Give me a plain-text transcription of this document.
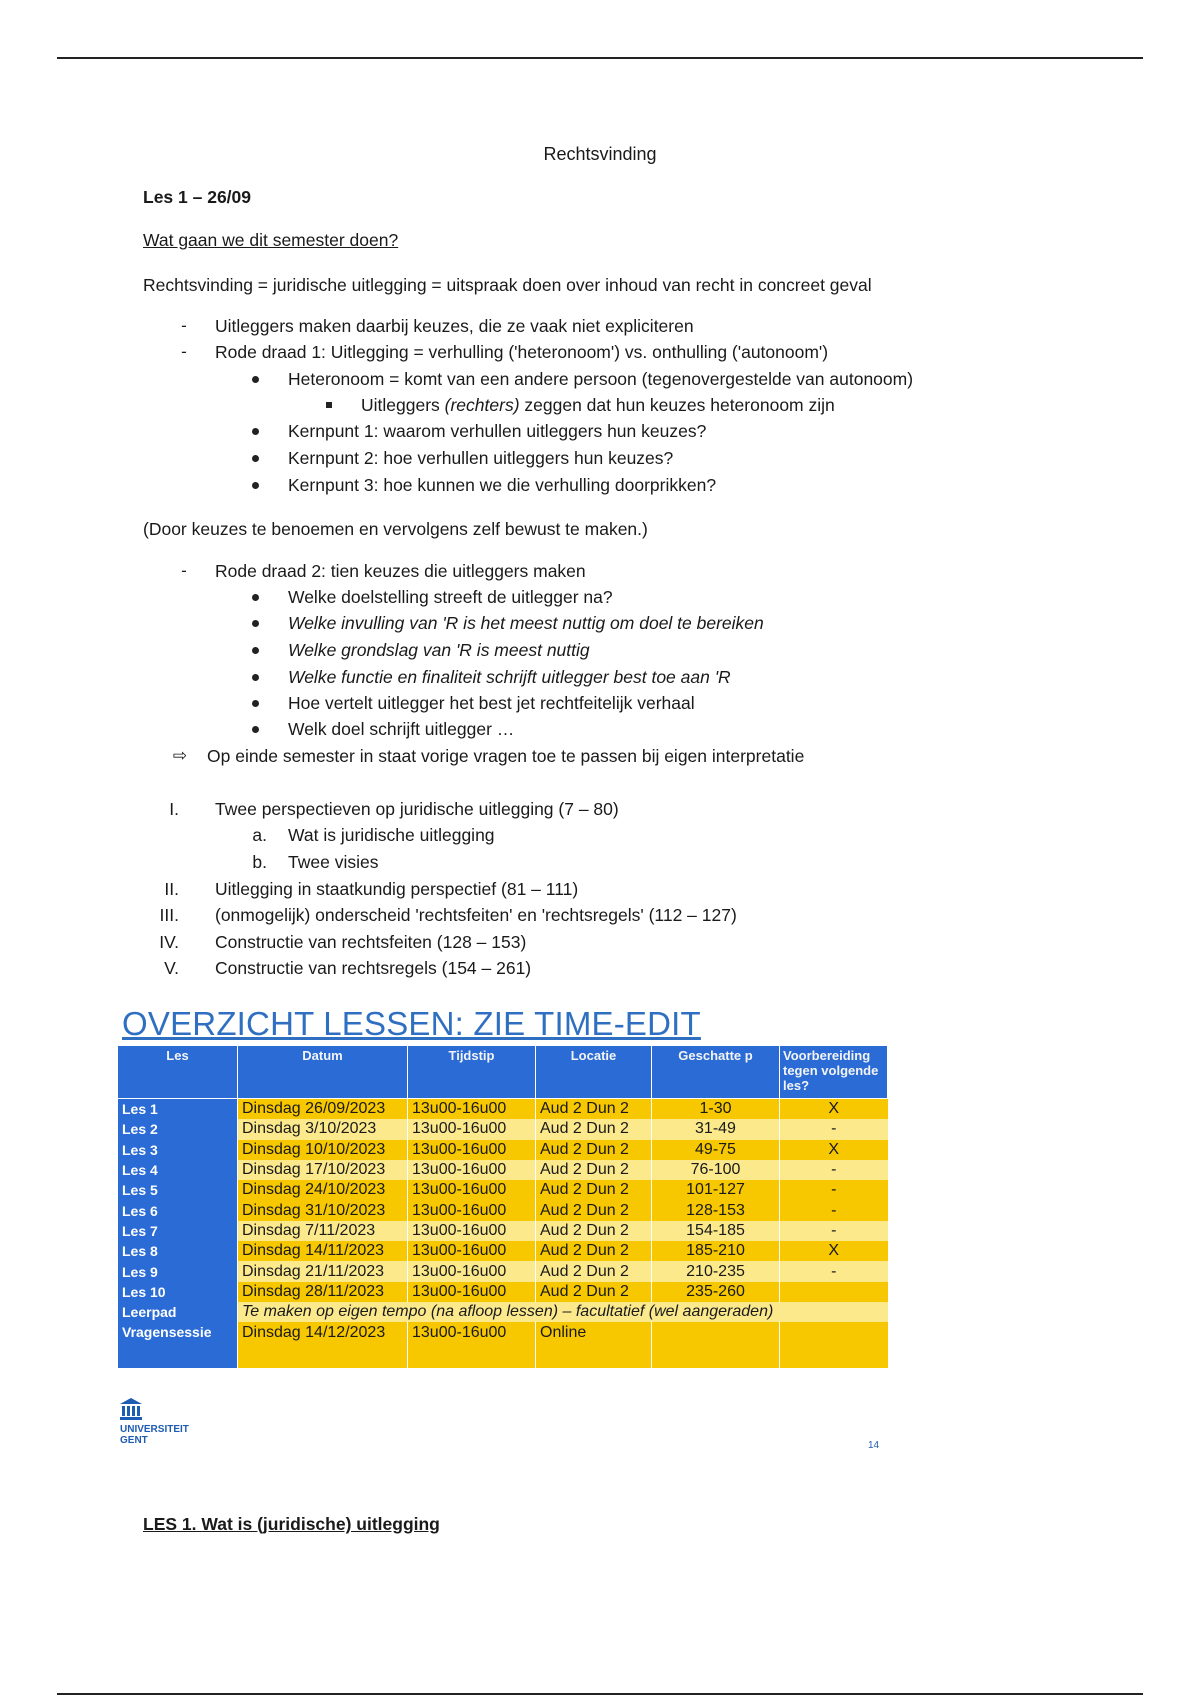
Rechtsvinding
Les 1 – 26/09
Wat gaan we dit semester doen?
Rechtsvinding = juridische uitlegging = uitspraak doen over inhoud van recht in concreet geval
-	Uitleggers maken daarbij keuzes, die ze vaak niet expliciteren
-	Rode draad 1: Uitlegging = verhulling ('heteronoom') vs. onthulling ('autonoom')
Heteronoom = komt van een andere persoon (tegenovergestelde van autonoom)
Uitleggers (rechters) zeggen dat hun keuzes heteronoom zijn
Kernpunt 1: waarom verhullen uitleggers hun keuzes?
Kernpunt 2: hoe verhullen uitleggers hun keuzes?
Kernpunt 3: hoe kunnen we die verhulling doorprikken?
(Door keuzes te benoemen en vervolgens zelf bewust te maken.)
-	Rode draad 2: tien keuzes die uitleggers maken
Welke doelstelling streeft de uitlegger na?
Welke invulling van 'R is het meest nuttig om doel te bereiken
Welke grondslag van 'R is meest nuttig
Welke functie en finaliteit schrijft uitlegger best toe aan 'R
Hoe vertelt uitlegger het best jet rechtfeitelijk verhaal
Welk doel schrijft uitlegger …
⇨	Op einde semester in staat vorige vragen toe te passen bij eigen interpretatie
I. Twee perspectieven op juridische uitlegging (7 – 80)
a. Wat is juridische uitlegging
b. Twee visies
II. Uitlegging in staatkundig perspectief (81 – 111)
III. (onmogelijk) onderscheid 'rechtsfeiten' en 'rechtsregels' (112 – 127)
IV. Constructie van rechtsfeiten (128 – 153)
V. Constructie van rechtsregels (154 – 261)
OVERZICHT LESSEN: ZIE TIME-EDIT
Les	Datum	Tijdstip	Locatie	Geschatte p	Voorbereiding tegen volgende les?
Les 1	Dinsdag 26/09/2023	13u00-16u00	Aud 2 Dun 2	1-30	X
Les 2	Dinsdag 3/10/2023	13u00-16u00	Aud 2 Dun 2	31-49	-
Les 3	Dinsdag 10/10/2023	13u00-16u00	Aud 2 Dun 2	49-75	X
Les 4	Dinsdag 17/10/2023	13u00-16u00	Aud 2 Dun 2	76-100	-
Les 5	Dinsdag 24/10/2023	13u00-16u00	Aud 2 Dun 2	101-127	-
Les 6	Dinsdag 31/10/2023	13u00-16u00	Aud 2 Dun 2	128-153	-
Les 7	Dinsdag 7/11/2023	13u00-16u00	Aud 2 Dun 2	154-185	-
Les 8	Dinsdag 14/11/2023	13u00-16u00	Aud 2 Dun 2	185-210	X
Les 9	Dinsdag 21/11/2023	13u00-16u00	Aud 2 Dun 2	210-235	-
Les 10	Dinsdag 28/11/2023	13u00-16u00	Aud 2 Dun 2	235-260	
Leerpad	Te maken op eigen tempo (na afloop lessen) – facultatief (wel aangeraden)				
Vragensessie	Dinsdag 14/12/2023	13u00-16u00	Online		
UNIVERSITEIT
GENT	14
LES 1. Wat is (juridische) uitlegging
